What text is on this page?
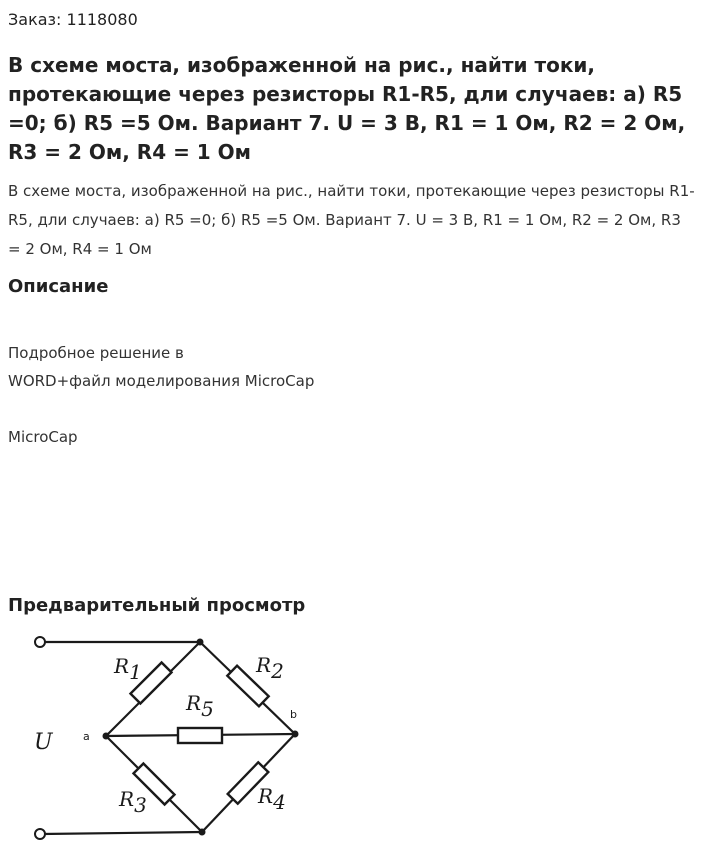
Заказ: 1118080
В схеме моста, изображенной на рис., найти токи, протекающие через резисторы R1-R5, дли случаев: а) R5 =0; б) R5 =5 Ом. Вариант 7. U = 3 В, R1 = 1 Ом, R2 = 2 Ом, R3 = 2 Ом, R4 = 1 Ом
В схеме моста, изображенной на рис., найти токи, протекающие через резисторы R1-R5, дли случаев: а) R5 =0; б) R5 =5 Ом. Вариант 7. U = 3 В, R1 = 1 Ом, R2 = 2 Ом, R3 = 2 Ом, R4 = 1 Ом
Описание
Подробное решение в
WORD+файл моделирования MicroCap
MicroCap
Предварительный просмотр
U	a
b
R1	R2
R5
R3	R4
